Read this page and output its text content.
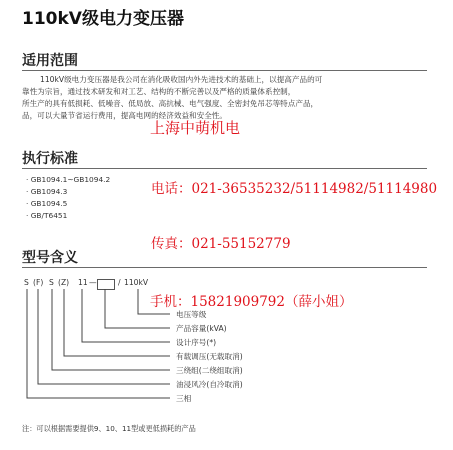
110kV级电力变压器
适用范围
110kV级电力变压器是我公司在消化吸收国内外先进技术的基础上，以提高产品的可
靠性为宗旨，通过技术研发和对工艺、结构的不断完善以及严格的质量体系控制，
所生产的具有低损耗、低噪音、低局放、高抗械、电气强度、全密封免吊芯等特点产品，
品，可以大量节省运行费用，提高电网的经济效益和安全性。
上海中萌机电
执行标准
· GB1094.1~GB1094.2
· GB1094.3
· GB1094.5
· GB/T6451
电话：021-36535232/51114982/51114980
传真：021-55152779
型号含义
S (F) S (Z) 11 —	/ 110kV
手机：15821909792（薛小姐）
电压等级
产品容量(kVA)
设计序号(*)
有载调压(无载取消)
三绕组(二绕组取消)
油浸风冷(自冷取消)
三相
注：可以根据需要提供9、10、11型或更低损耗的产品
